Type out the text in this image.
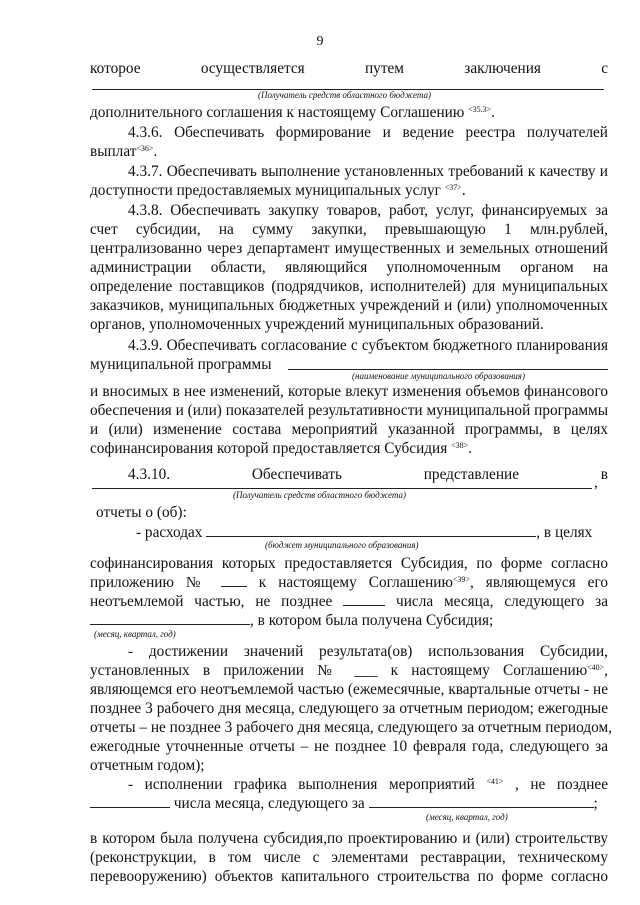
9
которое	осуществляется	путем	заключения	с
(Получатель средств областного бюджета)
дополнительного соглашения к настоящему Соглашению $^{<35.3>}$.
4.3.6. Обеспечивать формирование и ведение реестра получателей
выплат$^{<36>}$.
4.3.7. Обеспечивать выполнение установленных требований к качеству и
доступности предоставляемых муниципальных услуг $^{<37>}$.
4.3.8. Обеспечивать закупку товаров, работ, услуг, финансируемых за
счет субсидии, на сумму закупки, превышающую 1 млн.рублей,
централизованно через департамент имущественных и земельных отношений
администрации области, являющийся уполномоченным органом на
определение поставщиков (подрядчиков, исполнителей) для муниципальных
заказчиков, муниципальных бюджетных учреждений и (или) уполномоченных
органов, уполномоченных учреждений муниципальных образований.
4.3.9. Обеспечивать согласование с субъектом бюджетного планирования
муниципальной программы
(наименование муниципального образования)
и вносимых в нее изменений, которые влекут изменения объемов финансового
обеспечения и (или) показателей результативности муниципальной программы
и (или) изменение состава мероприятий указанной программы, в целях
софинансирования которой предоставляется Субсидия $^{<38>}$.
4.3.10.	Обеспечивать	представление	в
,
(Получатель средств областного бюджета)
отчеты о (об):
- расходах	, в целях
(бюджет муниципального образования)
софинансирования которых предоставляется Субсидия, по форме согласно
приложению №	к настоящему Соглашению$^{<39>}$, являющемуся его
неотъемлемой частью, не позднее	числа месяца, следующего за
, в котором была получена Субсидия;
(месяц, квартал, год)
- достижении значений результата(ов) использования Субсидии,
установленных в приложении № ___ к настоящему Соглашению$^{<40>}$,
являющемся его неотъемлемой частью (ежемесячные, квартальные отчеты - не
позднее 3 рабочего дня месяца, следующего за отчетным периодом; ежегодные
отчеты – не позднее 3 рабочего дня месяца, следующего за отчетным периодом,
ежегодные уточненные отчеты – не позднее 10 февраля года, следующего за
отчетным годом);
- исполнении графика выполнения мероприятий $^{<41>}$ , не позднее
числа месяца, следующего за	;
(месяц, квартал, год)
в котором была получена субсидия,по проектированию и (или) строительству
(реконструкции, в том числе с элементами реставрации, техническому
перевооружению) объектов капитального строительства по форме согласно
